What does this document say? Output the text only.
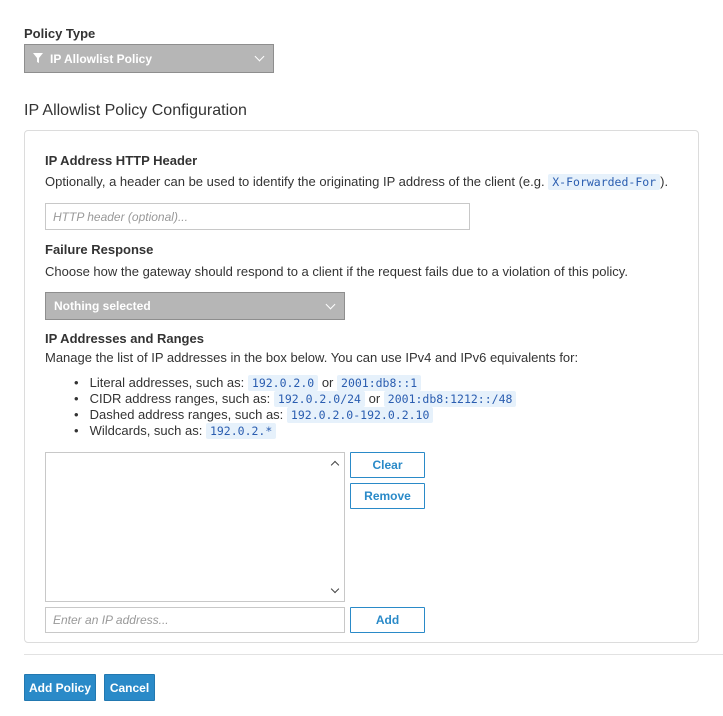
Policy Type
IP Allowlist Policy
IP Allowlist Policy Configuration
IP Address HTTP Header
Optionally, a header can be used to identify the originating IP address of the client (e.g. X-Forwarded-For ).
HTTP header (optional)...
Failure Response
Choose how the gateway should respond to a client if the request fails due to a violation of this policy.
Nothing selected
IP Addresses and Ranges
Manage the list of IP addresses in the box below. You can use IPv4 and IPv6 equivalents for:
• Literal addresses, such as: 192.0.2.0 or 2001:db8::1
• CIDR address ranges, such as: 192.0.2.0/24 or 2001:db8:1212::/48
• Dashed address ranges, such as: 192.0.2.0-192.0.2.10
• Wildcards, such as: 192.0.2.*
Clear
Remove
Enter an IP address...	Add
Add Policy	Cancel
